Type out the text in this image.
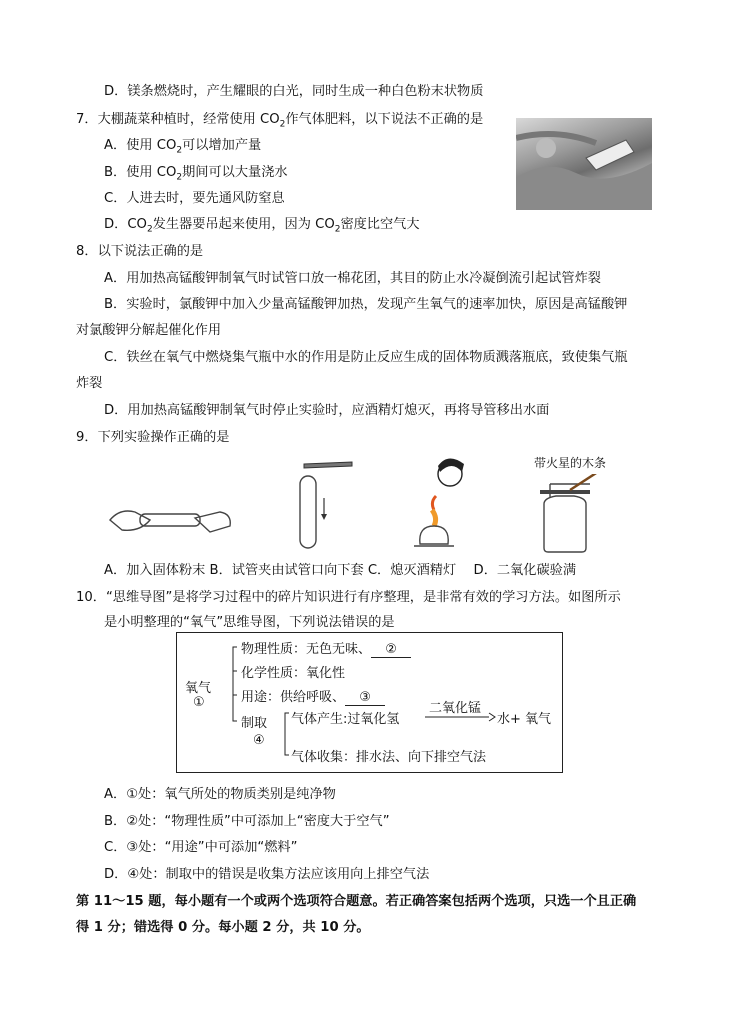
D．镁条燃烧时，产生耀眼的白光，同时生成一种白色粉末状物质
7．大棚蔬菜种植时，经常使用 $CO_2$作气体肥料，以下说法不正确的是
A．使用 $CO_2$可以增加产量
B．使用 $CO_2$期间可以大量浇水
C．人进去时，要先通风防窒息
D．$CO_2$发生器要吊起来使用，因为 $CO_2$密度比空气大
8．以下说法正确的是
A．用加热高锰酸钾制氧气时试管口放一棉花团，其目的防止水冷凝倒流引起试管炸裂
B．实验时，氯酸钾中加入少量高锰酸钾加热，发现产生氧气的速率加快，原因是高锰酸钾
对氯酸钾分解起催化作用
C．铁丝在氧气中燃烧集气瓶中水的作用是防止反应生成的固体物质溅落瓶底，致使集气瓶
炸裂
D．用加热高锰酸钾制氧气时停止实验时，应酒精灯熄灭，再将导管移出水面
9．下列实验操作正确的是
带火星的木条
A．加入固体粉末 B．试管夹由试管口向下套 C．熄灭酒精灯　 D．二氧化碳验满
10．“思维导图”是将学习过程中的碎片知识进行有序整理，是非常有效的学习方法。如图所示
是小明整理的“氧气”思维导图，下列说法错误的是
氧气
①
物理性质：无色无味、 ②
化学性质：氧化性
用途：供给呼吸、 ③
制取
④
气体产生:过氧化氢
二氧化锰
水+ 氧气
气体收集：排水法、向下排空气法
A．①处：氧气所处的物质类别是纯净物
B．②处：“物理性质”中可添加上“密度大于空气”
C．③处：“用途”中可添加“燃料”
D．④处：制取中的错误是收集方法应该用向上排空气法
第 11～15 题，每小题有一个或两个选项符合题意。若正确答案包括两个选项，只选一个且正确
得 1 分；错选得 0 分。每小题 2 分，共 10 分。
